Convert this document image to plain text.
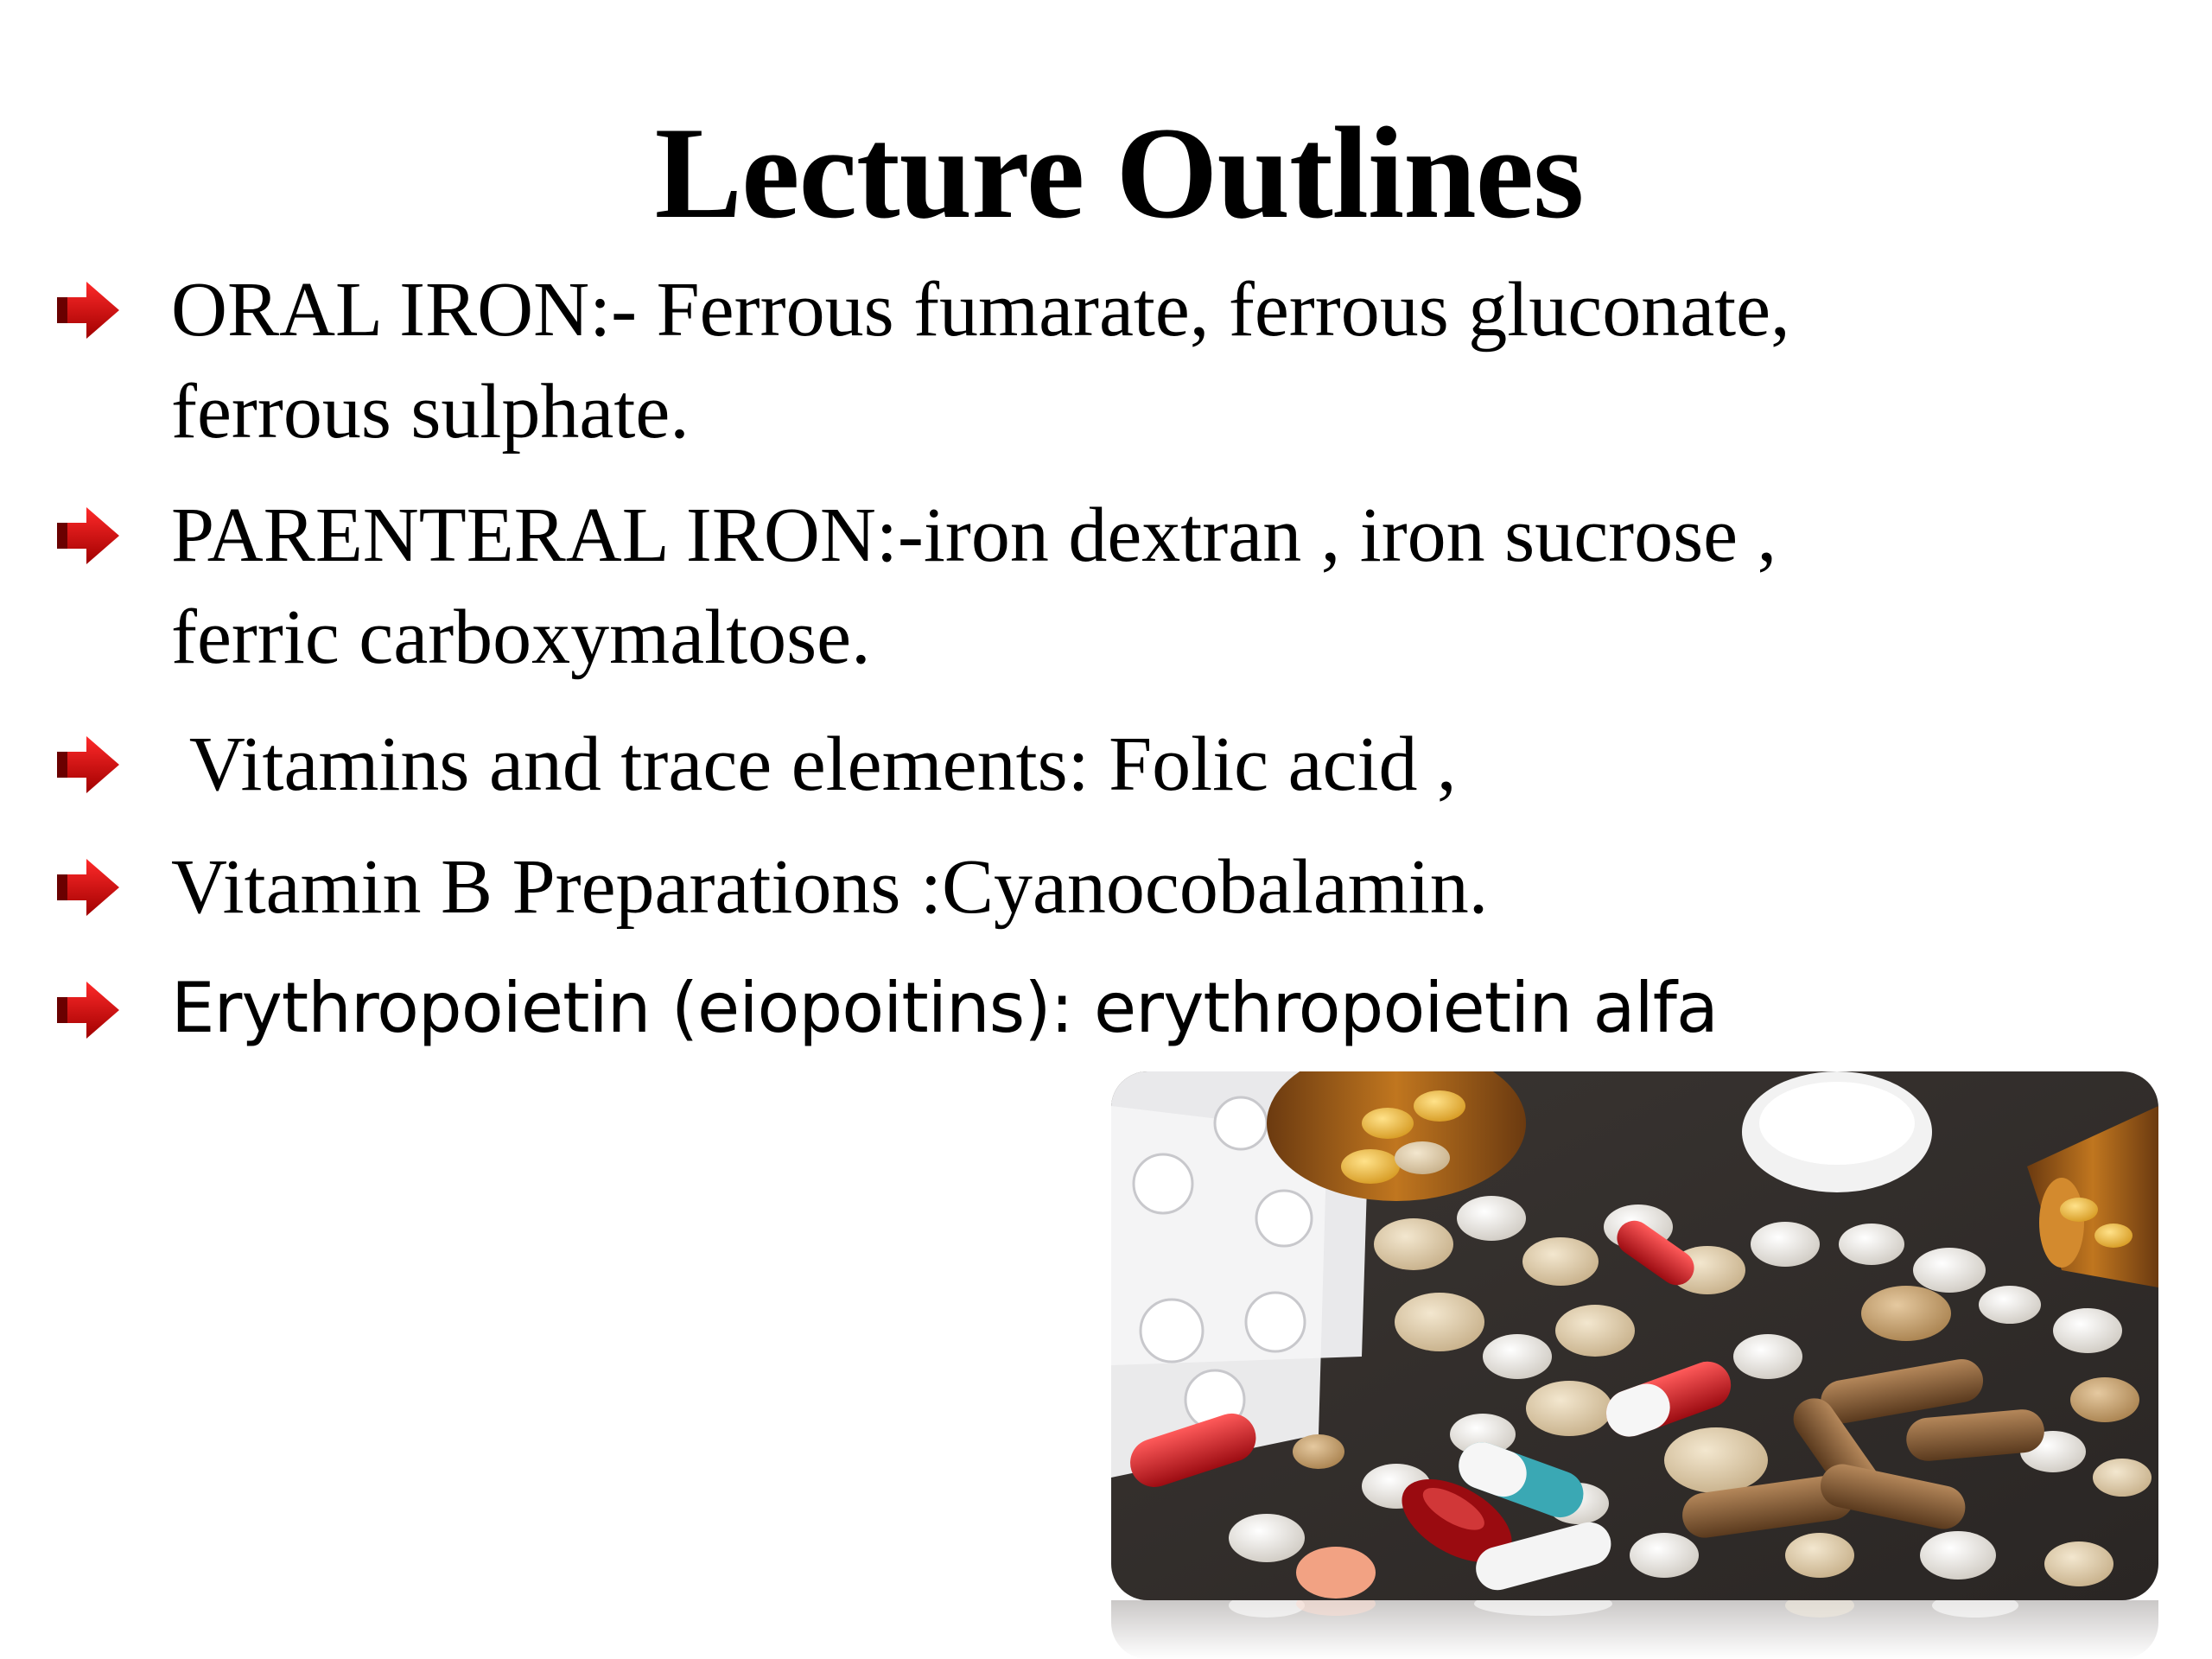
Lecture Outlines
ORAL IRON:- Ferrous fumarate, ferrous gluconate,
ferrous sulphate.
PARENTERAL IRON:-iron dextran , iron sucrose ,
ferric carboxymaltose.
Vitamins and trace elements: Folic acid ,
Vitamin B Preparations :Cyanocobalamin.
Erythropoietin (eiopoitins): erythropoietin alfa
